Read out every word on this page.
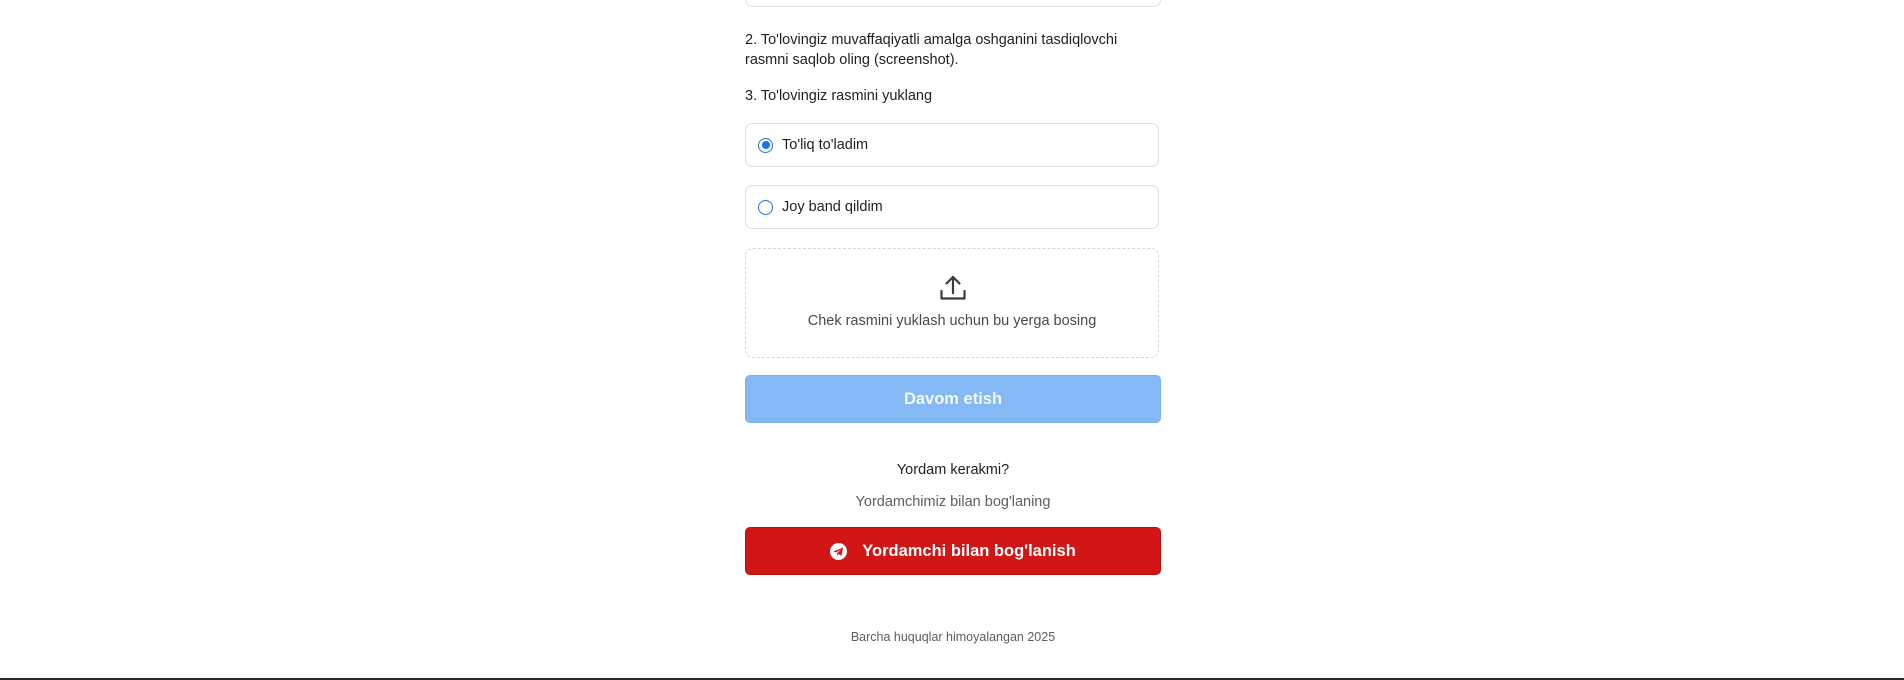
2. To'lovingiz muvaffaqiyatli amalga oshganini tasdiqlovchi rasmni saqlob oling (screenshot).
3. To'lovingiz rasmini yuklang
To'liq to'ladim
Joy band qildim
Chek rasmini yuklash uchun bu yerga bosing
Davom etish
Yordam kerakmi?
Yordamchimiz bilan bog'laning
Yordamchi bilan bog'lanish
Barcha huquqlar himoyalangan 2025
